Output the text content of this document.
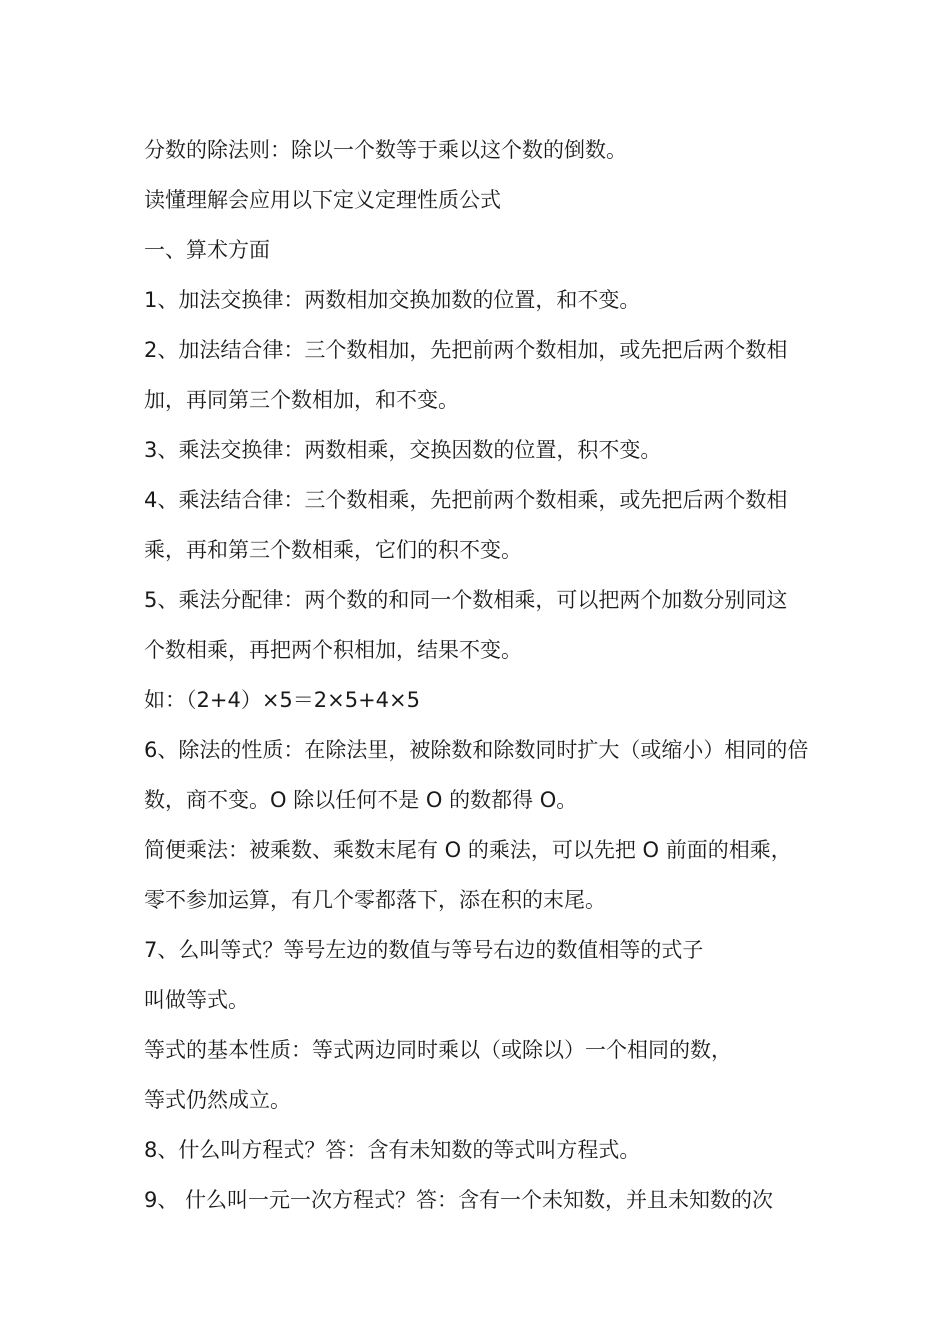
分数的除法则：除以一个数等于乘以这个数的倒数。
读懂理解会应用以下定义定理性质公式
一、算术方面
1、加法交换律：两数相加交换加数的位置，和不变。
2、加法结合律：三个数相加，先把前两个数相加，或先把后两个数相
加，再同第三个数相加，和不变。
3、乘法交换律：两数相乘，交换因数的位置，积不变。
4、乘法结合律：三个数相乘，先把前两个数相乘，或先把后两个数相
乘，再和第三个数相乘，它们的积不变。
5、乘法分配律：两个数的和同一个数相乘，可以把两个加数分别同这
个数相乘，再把两个积相加，结果不变。
如：（2+4）×5＝2×5+4×5
6、除法的性质：在除法里，被除数和除数同时扩大（或缩小）相同的倍
数，商不变。O 除以任何不是 O 的数都得 O。
简便乘法：被乘数、乘数末尾有 O 的乘法，可以先把 O 前面的相乘，
零不参加运算，有几个零都落下，添在积的末尾。
7、么叫等式？等号左边的数值与等号右边的数值相等的式子
叫做等式。
等式的基本性质：等式两边同时乘以（或除以）一个相同的数，
等式仍然成立。
8、什么叫方程式？答：含有未知数的等式叫方程式。
9、 什么叫一元一次方程式？答：含有一个未知数，并且未知数的次
